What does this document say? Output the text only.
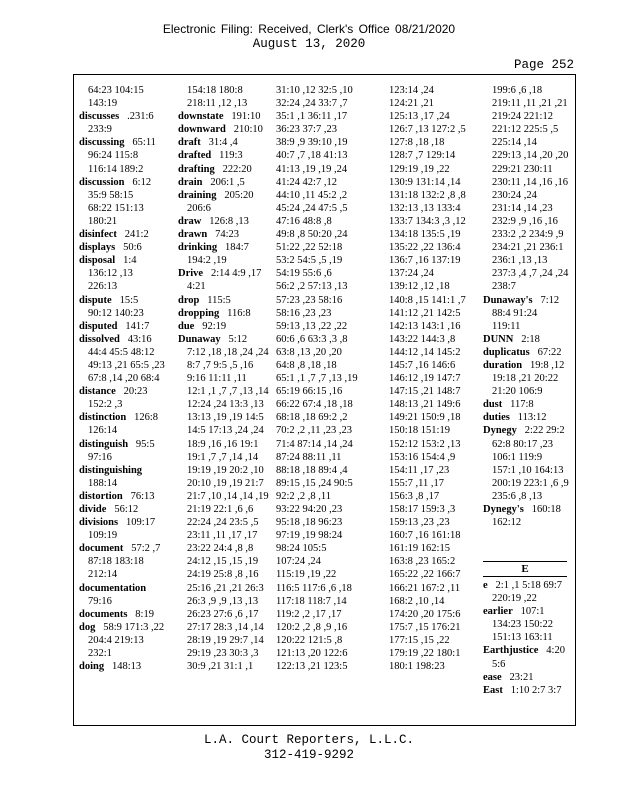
Electronic Filing: Received, Clerk's Office 08/21/2020
August 13, 2020
Page 252
64:23 104:15
143:19
discusses   .231:6
233:9
discussing   65:11
96:24 115:8
116:14 189:2
discussion   6:12
35:9 58:15
68:22 151:13
180:21
disinfect   241:2
displays   50:6
disposal   1:4
136:12 ,13
226:13
dispute   15:5
90:12 140:23
disputed   141:7
dissolved   43:16
44:4 45:5 48:12
49:13 ,21 65:5 ,23
67:8 ,14 ,20 68:4
distance   20:23
152:2 ,3
distinction   126:8
126:14
distinguish   95:5
97:16
distinguishing
188:14
distortion   76:13
divide   56:12
divisions   109:17
109:19
document   57:2 ,7
87:18 183:18
212:14
documentation
79:16
documents   8:19
dog   58:9 171:3 ,22
204:4 219:13
232:1
doing   148:13
154:18 180:8
218:11 ,12 ,13
downstate   191:10
downward   210:10
draft   31:4 ,4
drafted   119:3
drafting   222:20
drain   206:1 ,5
draining   205:20
206:6
draw   126:8 ,13
drawn   74:23
drinking   184:7
194:2 ,19
Drive   2:14 4:9 ,17
4:21
drop   115:5
dropping   116:8
due   92:19
Dunaway   5:12
7:12 ,18 ,18 ,24 ,24
8:7 ,7 9:5 ,5 ,16
9:16 11:11 ,11
12:1 ,1 ,7 ,7 ,13 ,14
12:24 ,24 13:3 ,13
13:13 ,19 ,19 14:5
14:5 17:13 ,24 ,24
18:9 ,16 ,16 19:1
19:1 ,7 ,7 ,14 ,14
19:19 ,19 20:2 ,10
20:10 ,19 ,19 21:7
21:7 ,10 ,14 ,14 ,19
21:19 22:1 ,6 ,6
22:24 ,24 23:5 ,5
23:11 ,11 ,17 ,17
23:22 24:4 ,8 ,8
24:12 ,15 ,15 ,19
24:19 25:8 ,8 ,16
25:16 ,21 ,21 26:3
26:3 ,9 ,9 ,13 ,13
26:23 27:6 ,6 ,17
27:17 28:3 ,14 ,14
28:19 ,19 29:7 ,14
29:19 ,23 30:3 ,3
30:9 ,21 31:1 ,1
31:10 ,12 32:5 ,10
32:24 ,24 33:7 ,7
35:1 ,1 36:11 ,17
36:23 37:7 ,23
38:9 ,9 39:10 ,19
40:7 ,7 ,18 41:13
41:13 ,19 ,19 ,24
41:24 42:7 ,12
44:10 ,11 45:2 ,2
45:24 ,24 47:5 ,5
47:16 48:8 ,8
49:8 ,8 50:20 ,24
51:22 ,22 52:18
53:2 54:5 ,5 ,19
54:19 55:6 ,6
56:2 ,2 57:13 ,13
57:23 ,23 58:16
58:16 ,23 ,23
59:13 ,13 ,22 ,22
60:6 ,6 63:3 ,3 ,8
63:8 ,13 ,20 ,20
64:8 ,8 ,18 ,18
65:1 ,1 ,7 ,7 ,13 ,19
65:19 66:15 ,16
66:22 67:4 ,18 ,18
68:18 ,18 69:2 ,2
70:2 ,2 ,11 ,23 ,23
71:4 87:14 ,14 ,24
87:24 88:11 ,11
88:18 ,18 89:4 ,4
89:15 ,15 ,24 90:5
92:2 ,2 ,8 ,11
93:22 94:20 ,23
95:18 ,18 96:23
97:19 ,19 98:24
98:24 105:5
107:24 ,24
115:19 ,19 ,22
116:5 117:6 ,6 ,18
117:18 118:7 ,14
119:2 ,2 ,17 ,17
120:2 ,2 ,8 ,9 ,16
120:22 121:5 ,8
121:13 ,20 122:6
122:13 ,21 123:5
123:14 ,24
124:21 ,21
125:13 ,17 ,24
126:7 ,13 127:2 ,5
127:8 ,18 ,18
128:7 ,7 129:14
129:19 ,19 ,22
130:9 131:14 ,14
131:18 132:2 ,8 ,8
132:13 ,13 133:4
133:7 134:3 ,3 ,12
134:18 135:5 ,19
135:22 ,22 136:4
136:7 ,16 137:19
137:24 ,24
139:12 ,12 ,18
140:8 ,15 141:1 ,7
141:12 ,21 142:5
142:13 143:1 ,16
143:22 144:3 ,8
144:12 ,14 145:2
145:7 ,16 146:6
146:12 ,19 147:7
147:15 ,21 148:7
148:13 ,21 149:6
149:21 150:9 ,18
150:18 151:19
152:12 153:2 ,13
153:16 154:4 ,9
154:11 ,17 ,23
155:7 ,11 ,17
156:3 ,8 ,17
158:17 159:3 ,3
159:13 ,23 ,23
160:7 ,16 161:18
161:19 162:15
163:8 ,23 165:2
165:22 ,22 166:7
166:21 167:2 ,11
168:2 ,10 ,14
174:20 ,20 175:6
175:7 ,15 176:21
177:15 ,15 ,22
179:19 ,22 180:1
180:1 198:23
199:6 ,6 ,18
219:11 ,11 ,21 ,21
219:24 221:12
221:12 225:5 ,5
225:14 ,14
229:13 ,14 ,20 ,20
229:21 230:11
230:11 ,14 ,16 ,16
230:24 ,24
231:14 ,14 ,23
232:9 ,9 ,16 ,16
233:2 ,2 234:9 ,9
234:21 ,21 236:1
236:1 ,13 ,13
237:3 ,4 ,7 ,24 ,24
238:7
Dunaway's   7:12
88:4 91:24
119:11
DUNN   2:18
duplicatus   67:22
duration   19:8 ,12
19:18 ,21 20:22
21:20 106:9
dust   117:8
duties   113:12
Dynegy   2:22 29:2
62:8 80:17 ,23
106:1 119:9
157:1 ,10 164:13
200:19 223:1 ,6 ,9
235:6 ,8 ,13
Dynegy's   160:18
162:12
E
e   2:1 ,1 5:18 69:7
220:19 ,22
earlier   107:1
134:23 150:22
151:13 163:11
Earthjustice   4:20
5:6
ease   23:21
East   1:10 2:7 3:7
L.A. Court Reporters, L.L.C.
312-419-9292
